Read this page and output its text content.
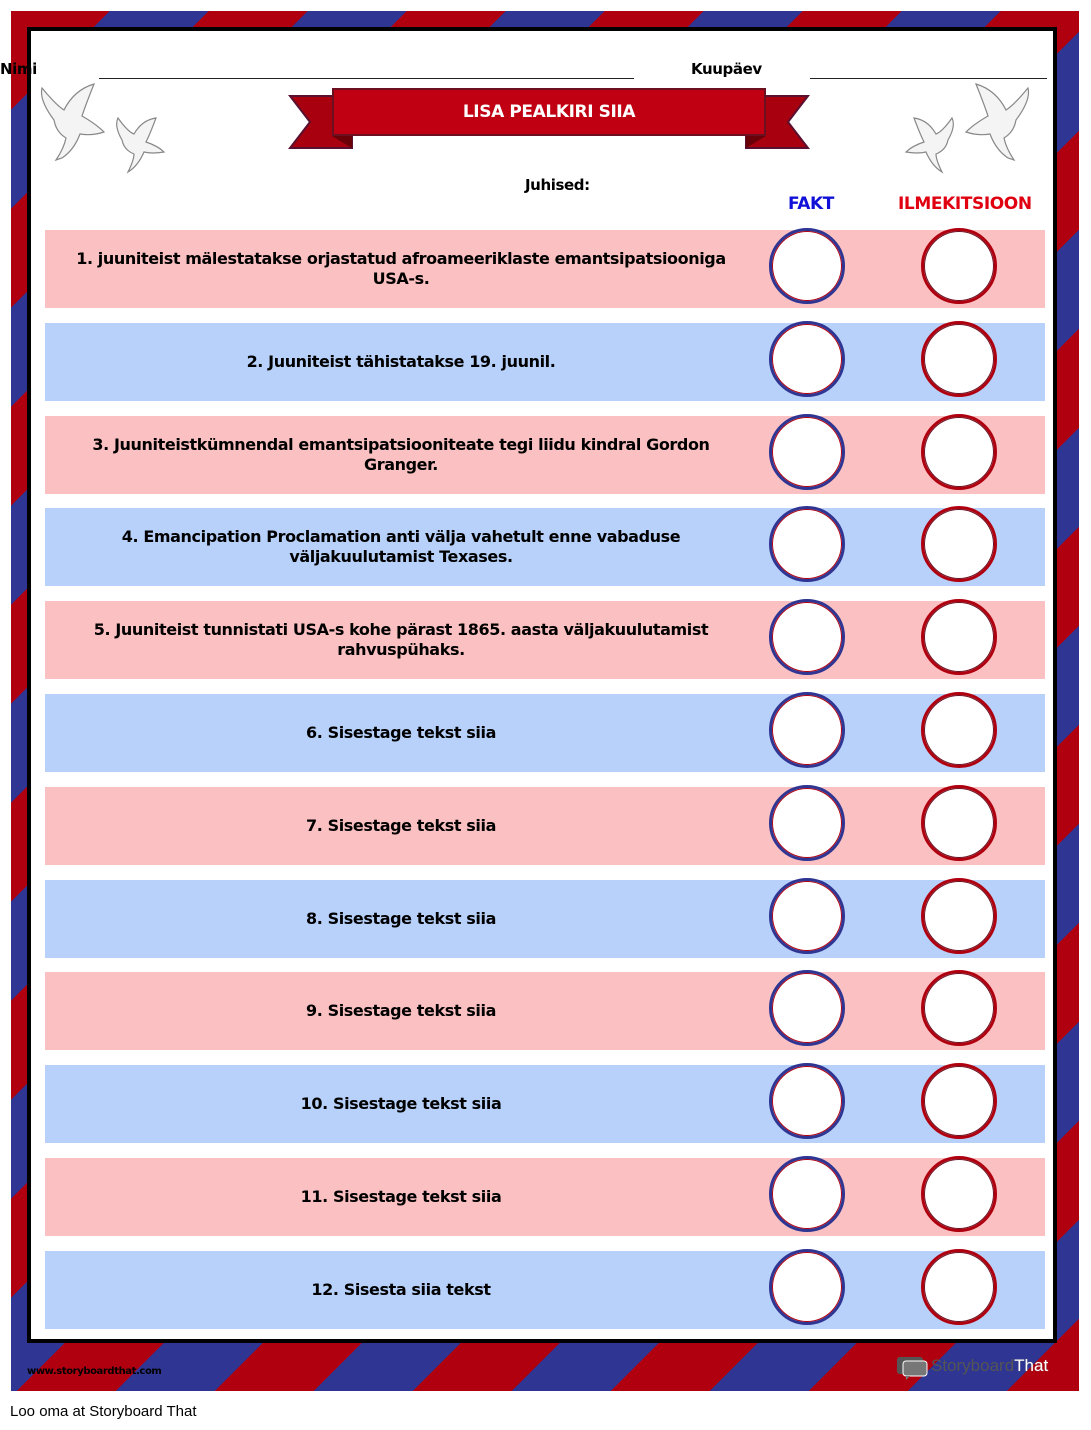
Nimi	Kuupäev
LISA PEALKIRI SIIA
Juhised:
FAKT	ILMEKITSIOON
1. juuniteist mälestatakse orjastatud afroameeriklaste emantsipatsiooniga USA-s.
2. Juuniteist tähistatakse 19. juunil.
3. Juuniteistkümnendal emantsipatsiooniteate tegi liidu kindral Gordon Granger.
4. Emancipation Proclamation anti välja vahetult enne vabaduse väljakuulutamist Texases.
5. Juuniteist tunnistati USA-s kohe pärast 1865. aasta väljakuulutamist rahvuspühaks.
6. Sisestage tekst siia
7. Sisestage tekst siia
8. Sisestage tekst siia
9. Sisestage tekst siia
10. Sisestage tekst siia
11. Sisestage tekst siia
12. Sisesta siia tekst
www.storyboardthat.com	StoryboardThat
Loo oma at Storyboard That
